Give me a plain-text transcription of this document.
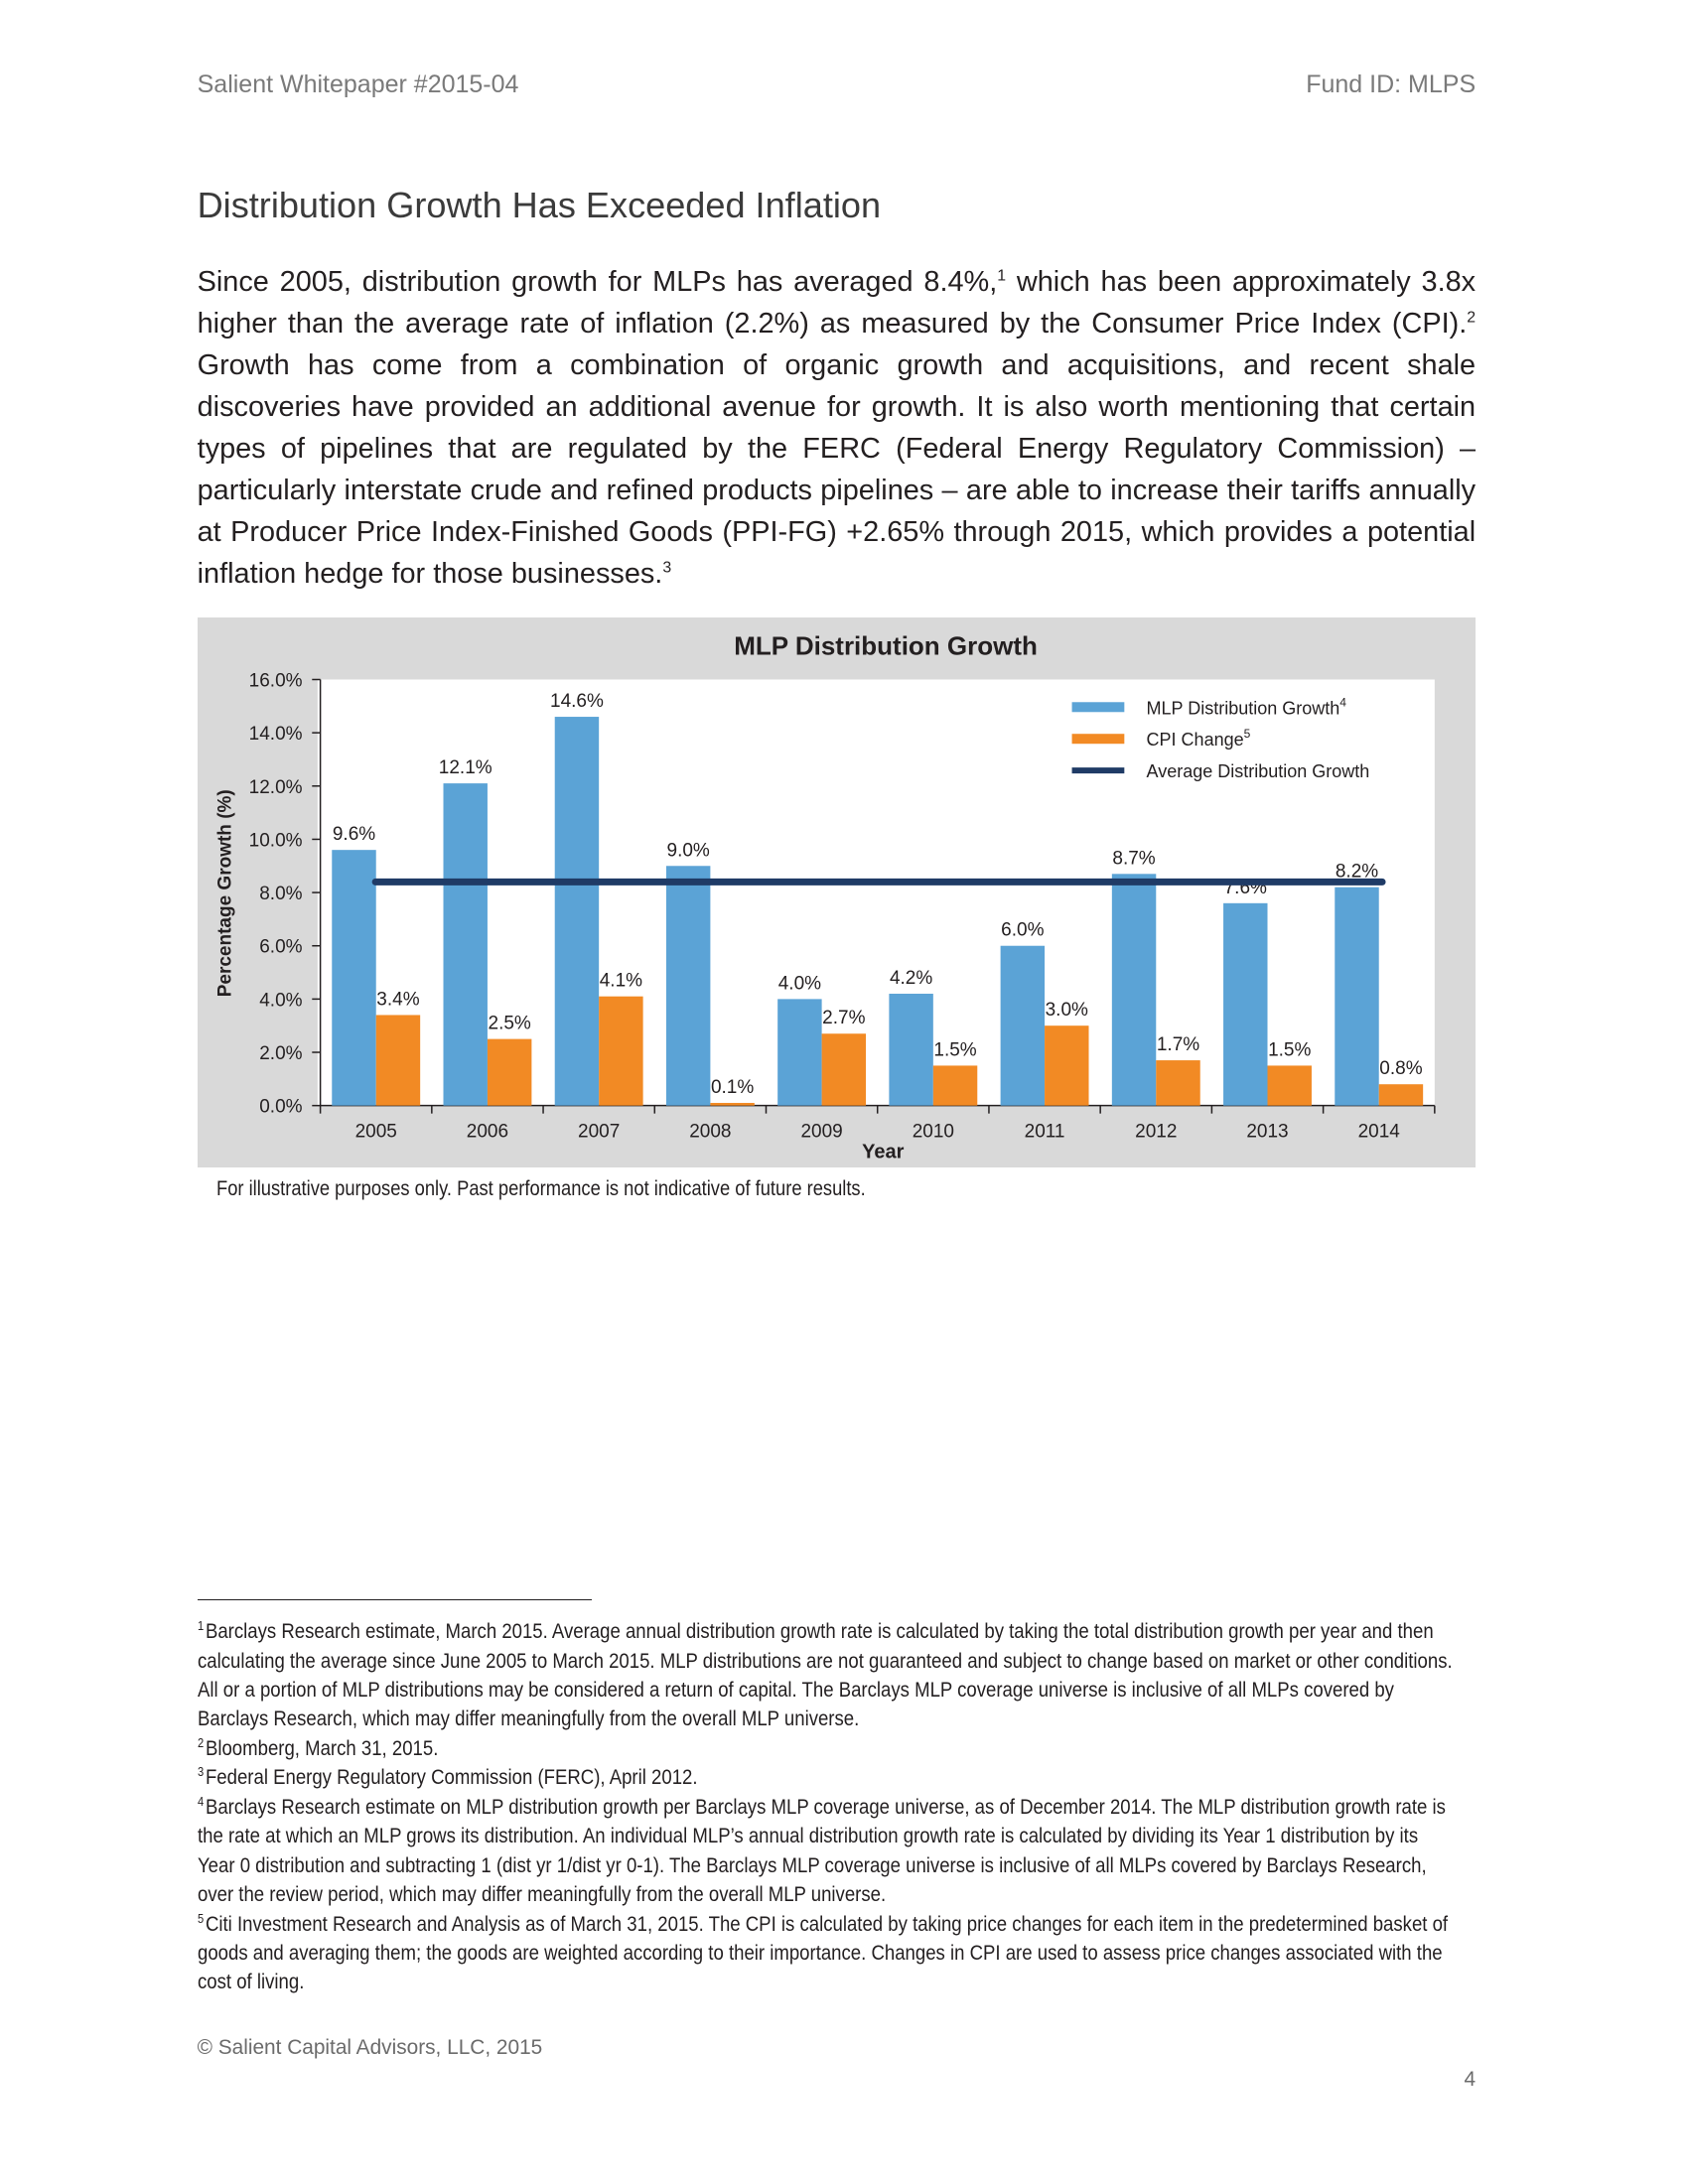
Salient Whitepaper #2015-04	Fund ID: MLPS
Distribution Growth Has Exceeded Inflation

Since 2005, distribution growth for MLPs has averaged 8.4%,$^1$ which has been approximately 3.8x higher than the average rate of inflation (2.2%) as measured by the Consumer Price Index (CPI).$^2$ Growth has come from a combination of organic growth and acquisitions, and recent shale discoveries have provided an additional avenue for growth. It is also worth mentioning that certain types of pipelines that are regulated by the FERC (Federal Energy Regulatory Commission) – particularly interstate crude and refined products pipelines – are able to increase their tariffs annually at Producer Price Index-Finished Goods (PPI-FG) +2.65% through 2015, which provides a potential inflation hedge for those businesses.$^3$

0.0%
2.0%
4.0%
6.0%
8.0%
10.0%
12.0%
14.0%
16.0%
2005	2006	2007	2008	2009	2010	2011	2012	2013	2014
9.6%
3.4%
12.1%
2.5%
14.6%
4.1%
9.0%
0.1%
4.0%
2.7%
4.2%
1.5%
6.0%
3.0%
8.7%
1.7%
7.6%
1.5%
8.2%
0.8%
MLP Distribution Growth$^4$
CPI Change$^5$
Average Distribution Growth
MLP Distribution Growth
Year
Percentage Growth (%)
For illustrative purposes only. Past performance is not indicative of future results.

$^1$Barclays Research estimate, March 2015. Average annual distribution growth rate is calculated by taking the total distribution growth per year and then calculating the average since June 2005 to March 2015. MLP distributions are not guaranteed and subject to change based on market or other conditions. All or a portion of MLP distributions may be considered a return of capital. The Barclays MLP coverage universe is inclusive of all MLPs covered by Barclays Research, which may differ meaningfully from the overall MLP universe.

$^2$Bloomberg, March 31, 2015.

$^3$Federal Energy Regulatory Commission (FERC), April 2012.

$^4$Barclays Research estimate on MLP distribution growth per Barclays MLP coverage universe, as of December 2014. The MLP distribution growth rate is the rate at which an MLP grows its distribution. An individual MLP’s annual distribution growth rate is calculated by dividing its Year 1 distribution by its Year 0 distribution and subtracting 1 (dist yr 1/dist yr 0-1). The Barclays MLP coverage universe is inclusive of all MLPs covered by Barclays Research, over the review period, which may differ meaningfully from the overall MLP universe.

$^5$Citi Investment Research and Analysis as of March 31, 2015. The CPI is calculated by taking price changes for each item in the predetermined basket of goods and averaging them; the goods are weighted according to their importance. Changes in CPI are used to assess price changes associated with the cost of living.

© Salient Capital Advisors, LLC, 2015
4
